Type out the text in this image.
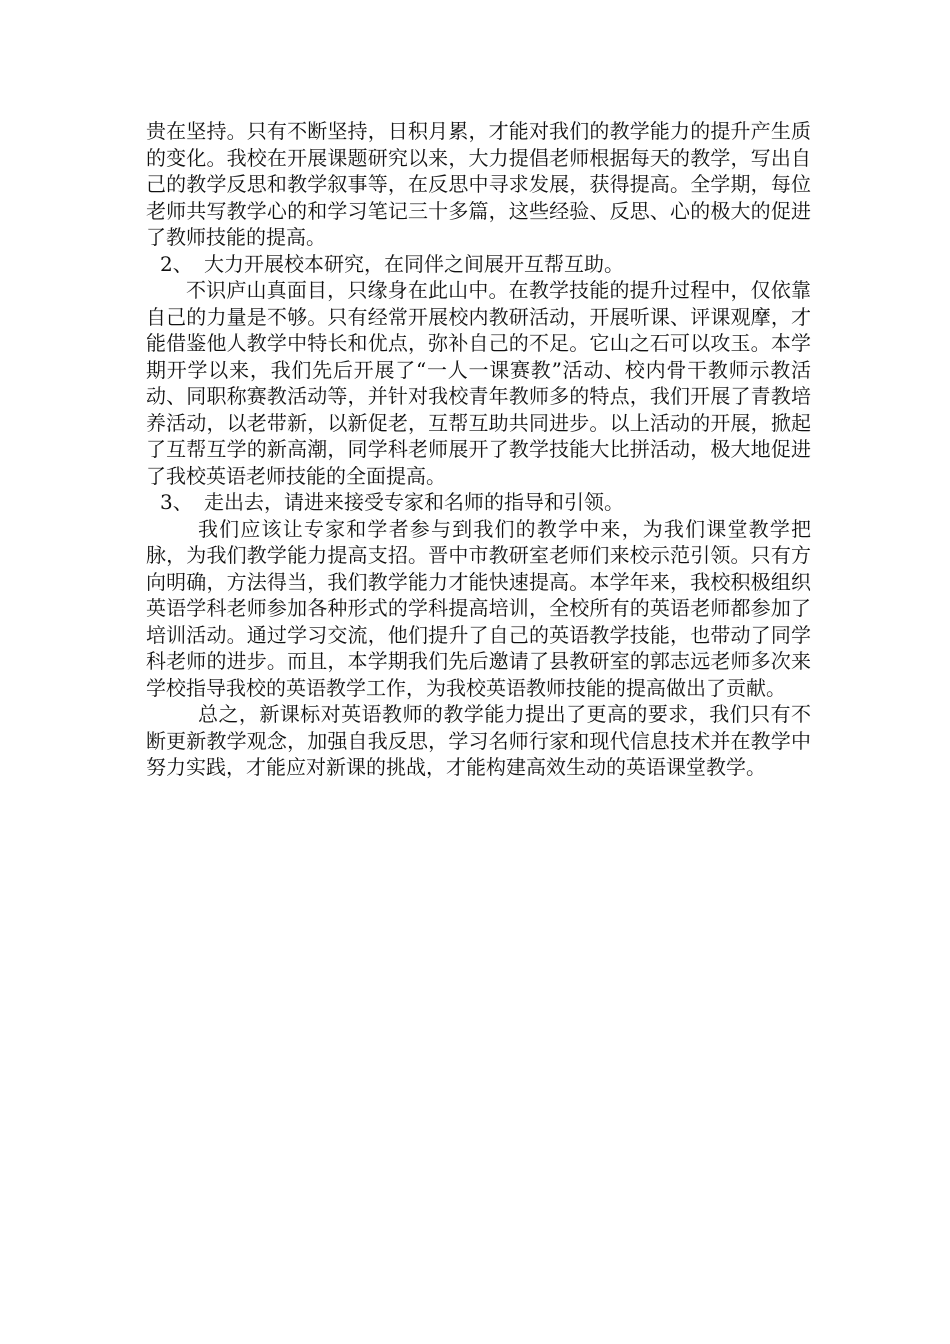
贵在坚持。只有不断坚持，日积月累，才能对我们的教学能力的提升产生质的变化。我校在开展课题研究以来，大力提倡老师根据每天的教学，写出自己的教学反思和教学叙事等，在反思中寻求发展，获得提高。全学期，每位老师共写教学心的和学习笔记三十多篇，这些经验、反思、心的极大的促进了教师技能的提高。

2、 大力开展校本研究，在同伴之间展开互帮互助。

不识庐山真面目，只缘身在此山中。在教学技能的提升过程中，仅依靠自己的力量是不够。只有经常开展校内教研活动，开展听课、评课观摩，才能借鉴他人教学中特长和优点，弥补自己的不足。它山之石可以攻玉。本学期开学以来，我们先后开展了“一人一课赛教”活动、校内骨干教师示教活动、同职称赛教活动等，并针对我校青年教师多的特点，我们开展了青教培养活动，以老带新，以新促老，互帮互助共同进步。以上活动的开展，掀起了互帮互学的新高潮，同学科老师展开了教学技能大比拼活动，极大地促进了我校英语老师技能的全面提高。

3、 走出去，请进来接受专家和名师的指导和引领。

我们应该让专家和学者参与到我们的教学中来，为我们课堂教学把脉，为我们教学能力提高支招。晋中市教研室老师们来校示范引领。只有方向明确，方法得当，我们教学能力才能快速提高。本学年来，我校积极组织英语学科老师参加各种形式的学科提高培训，全校所有的英语老师都参加了培训活动。通过学习交流，他们提升了自己的英语教学技能，也带动了同学科老师的进步。而且，本学期我们先后邀请了县教研室的郭志远老师多次来学校指导我校的英语教学工作，为我校英语教师技能的提高做出了贡献。

总之，新课标对英语教师的教学能力提出了更高的要求，我们只有不断更新教学观念，加强自我反思，学习名师行家和现代信息技术并在教学中努力实践，才能应对新课的挑战，才能构建高效生动的英语课堂教学。
